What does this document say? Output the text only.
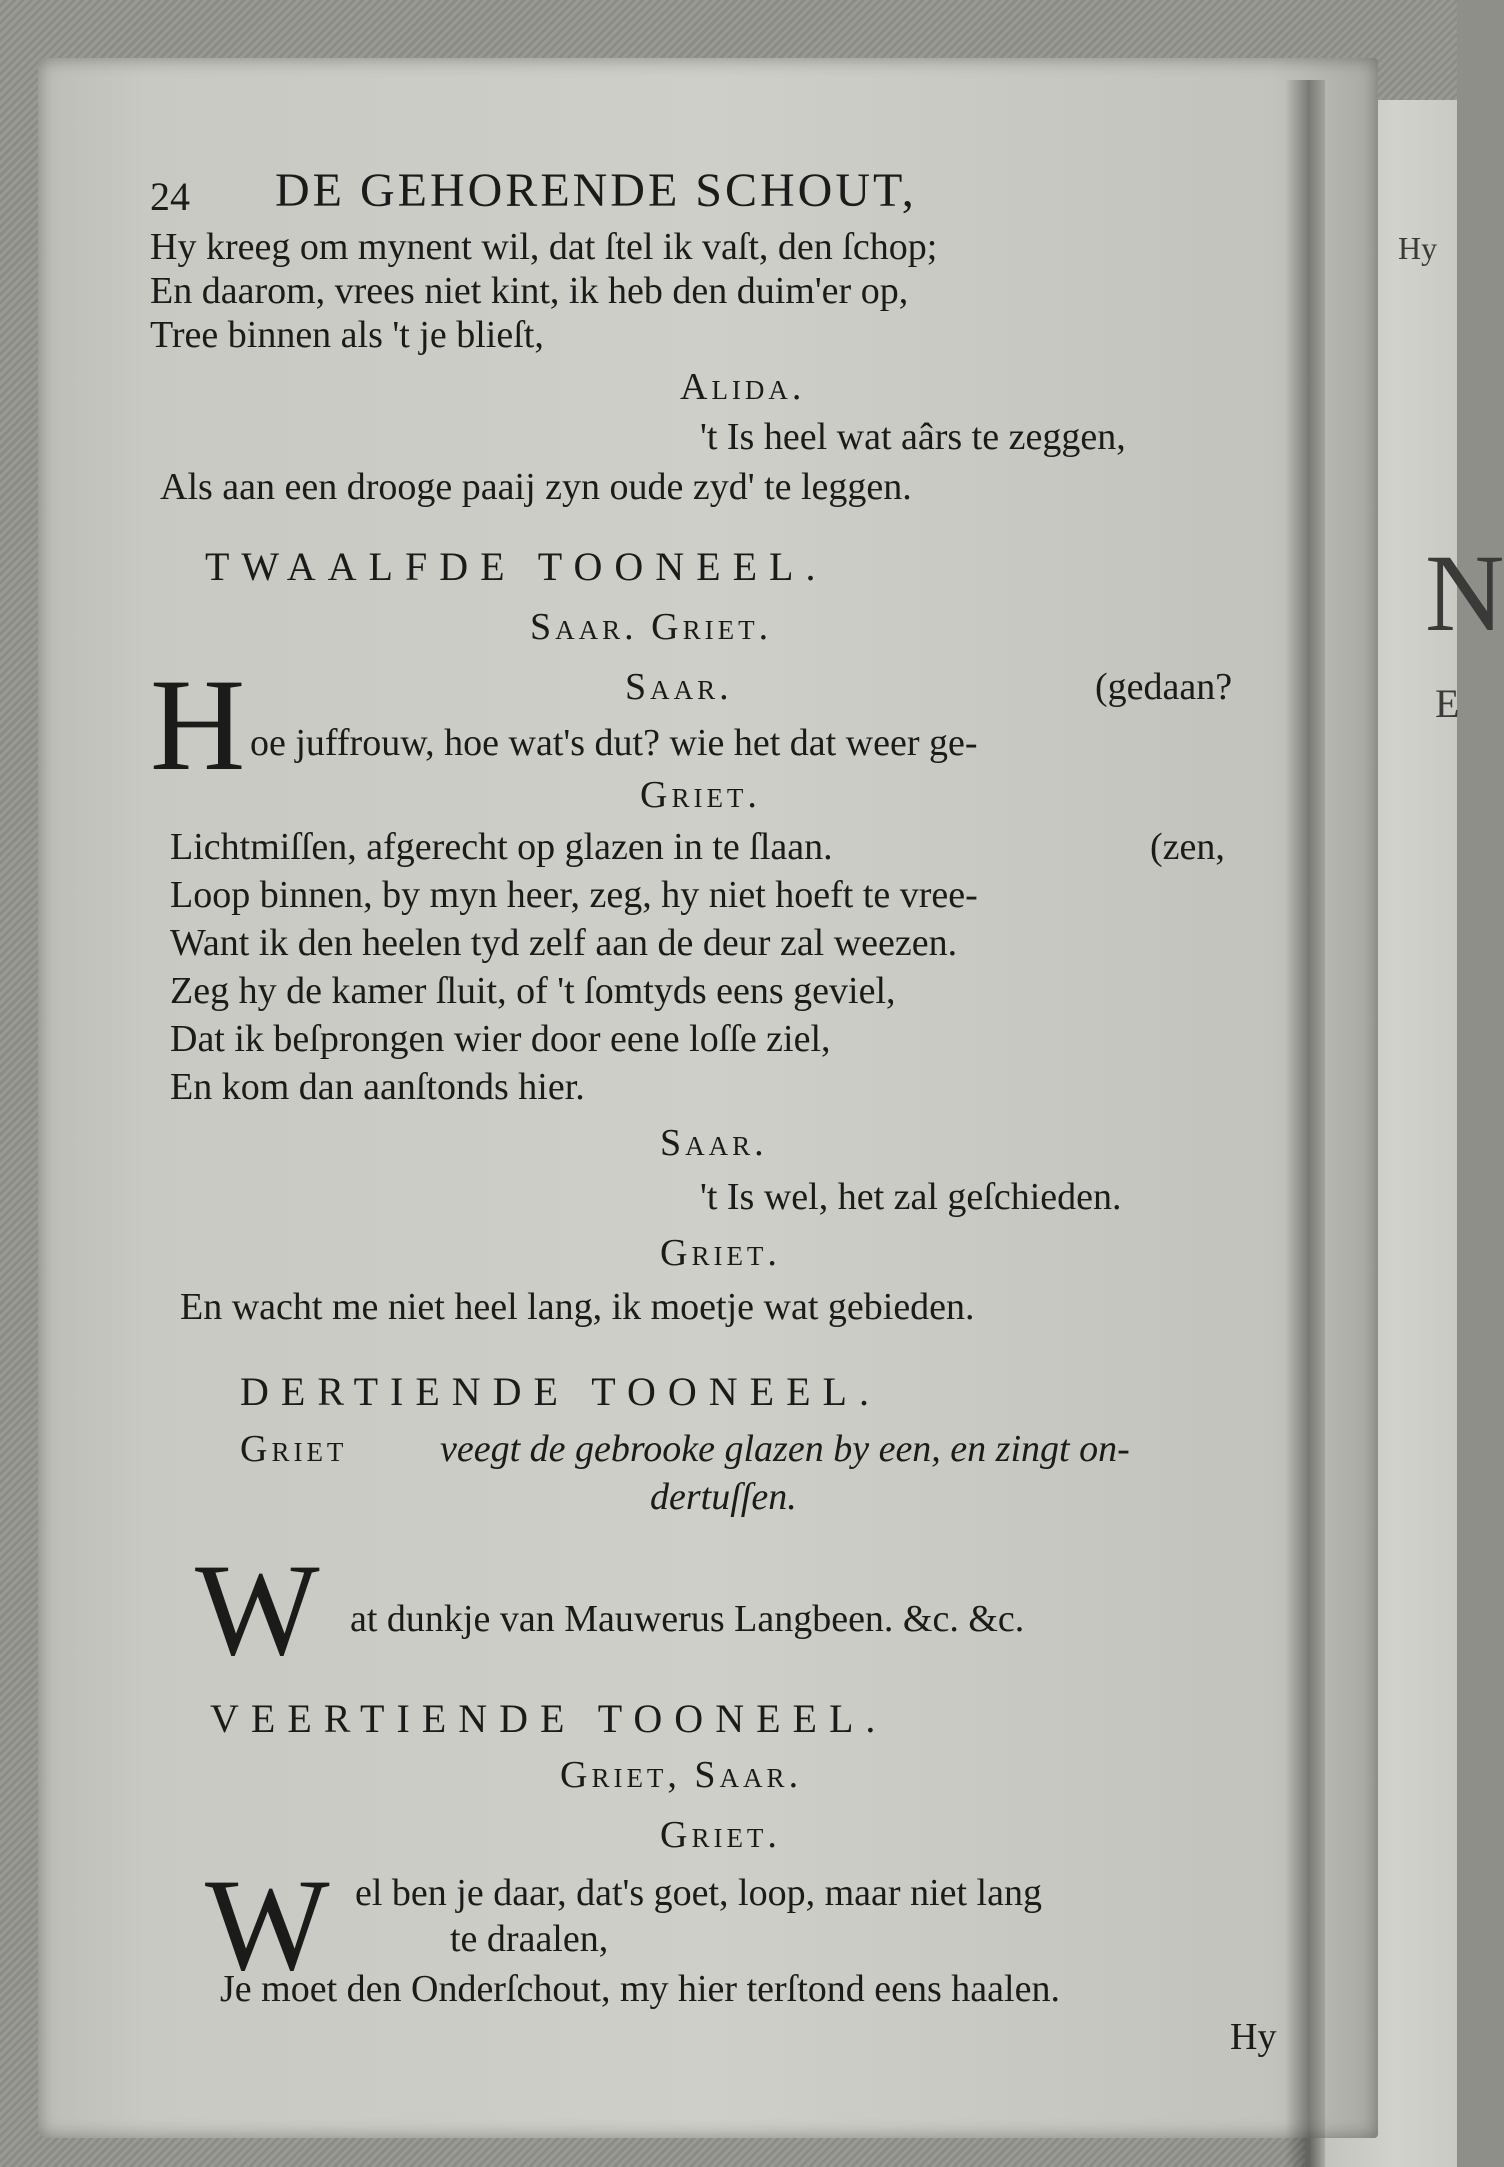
Hy
N
E
24 DE GEHORENDE SCHOUT,
Hy kreeg om mynent wil, dat ſtel ik vaſt, den ſchop;
En daarom, vrees niet kint, ik heb den duim'er op,
Tree binnen als 't je blieſt,
Alida.
't Is heel wat aârs te zeggen,
Als aan een drooge paaij zyn oude zyd' te leggen.
TWAALFDE TOONEEL.
Saar. Griet.
Saar.	(gedaan?
H oe juffrouw, hoe wat's dut? wie het dat weer ge-
Griet.
Lichtmiſſen, afgerecht op glazen in te ſlaan.	(zen,
Loop binnen, by myn heer, zeg, hy niet hoeft te vree-
Want ik den heelen tyd zelf aan de deur zal weezen.
Zeg hy de kamer ſluit, of 't ſomtyds eens geviel,
Dat ik beſprongen wier door eene loſſe ziel,
En kom dan aanſtonds hier.
Saar.
't Is wel, het zal geſchieden.
Griet.
En wacht me niet heel lang, ik moetje wat gebieden.
DERTIENDE TOONEEL.
Griet veegt de gebrooke glazen by een, en zingt on-
dertuſſen.
W at dunkje van Mauwerus Langbeen. &c. &c.
VEERTIENDE TOONEEL.
Griet, Saar.
Griet.
W el ben je daar, dat's goet, loop, maar niet lang
te draalen,
Je moet den Onderſchout, my hier terſtond eens haalen.
Hy
